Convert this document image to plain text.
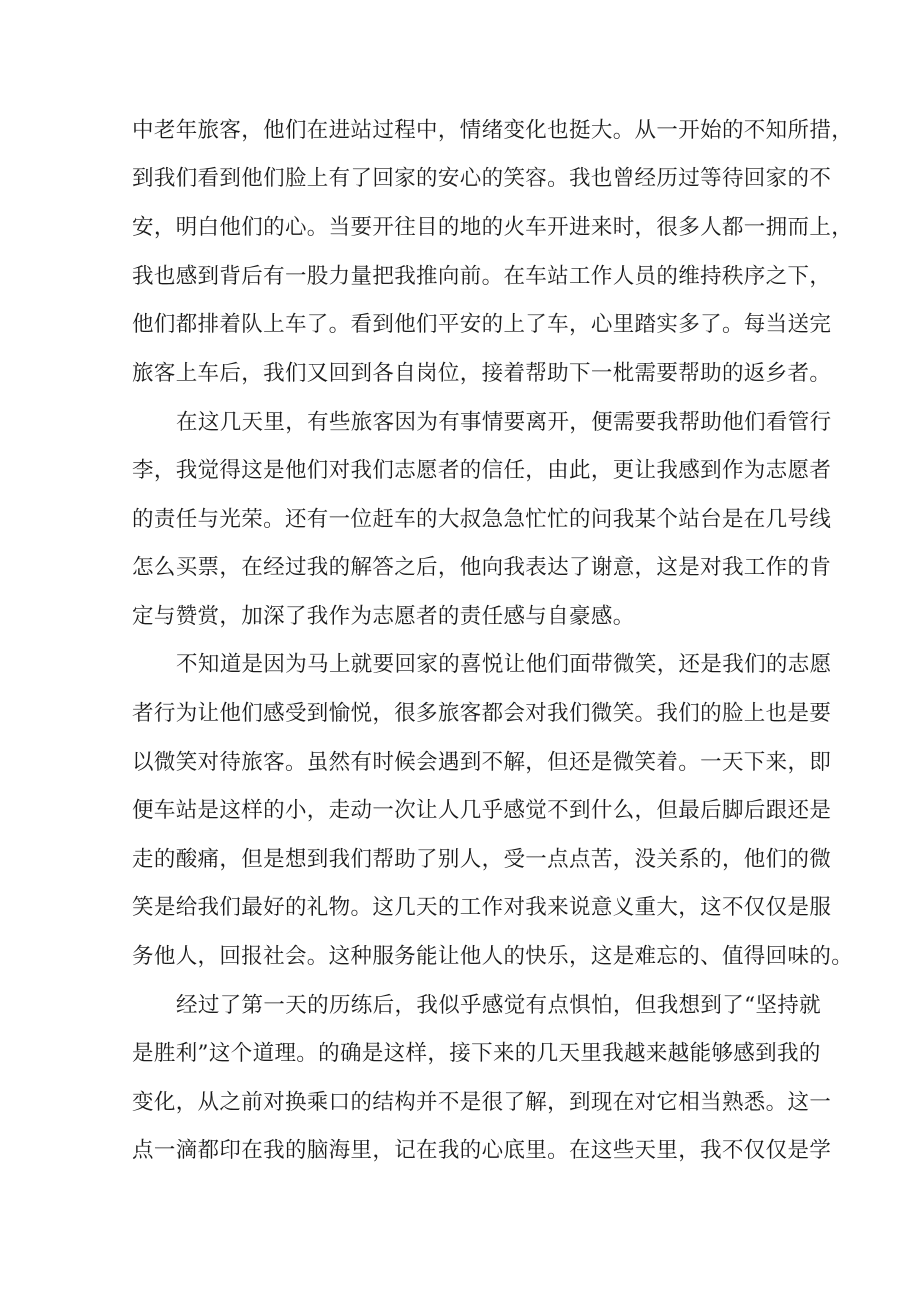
中老年旅客，他们在进站过程中，情绪变化也挺大。从一开始的不知所措，
到我们看到他们脸上有了回家的安心的笑容。我也曾经历过等待回家的不
安，明白他们的心。当要开往目的地的火车开进来时，很多人都一拥而上，
我也感到背后有一股力量把我推向前。在车站工作人员的维持秩序之下，
他们都排着队上车了。看到他们平安的上了车，心里踏实多了。每当送完
旅客上车后，我们又回到各自岗位，接着帮助下一枇需要帮助的返乡者。
在这几天里，有些旅客因为有事情要离开，便需要我帮助他们看管行
李，我觉得这是他们对我们志愿者的信任，由此，更让我感到作为志愿者
的责任与光荣。还有一位赶车的大叔急急忙忙的问我某个站台是在几号线
怎么买票，在经过我的解答之后，他向我表达了谢意，这是对我工作的肯
定与赞赏，加深了我作为志愿者的责任感与自豪感。
不知道是因为马上就要回家的喜悦让他们面带微笑，还是我们的志愿
者行为让他们感受到愉悦，很多旅客都会对我们微笑。我们的脸上也是要
以微笑对待旅客。虽然有时候会遇到不解，但还是微笑着。一天下来，即
便车站是这样的小，走动一次让人几乎感觉不到什么，但最后脚后跟还是
走的酸痛，但是想到我们帮助了别人，受一点点苦，没关系的，他们的微
笑是给我们最好的礼物。这几天的工作对我来说意义重大，这不仅仅是服
务他人，回报社会。这种服务能让他人的快乐，这是难忘的、值得回味的。
经过了第一天的历练后，我似乎感觉有点惧怕，但我想到了“坚持就
是胜利”这个道理。的确是这样，接下来的几天里我越来越能够感到我的
变化，从之前对换乘口的结构并不是很了解，到现在对它相当熟悉。这一
点一滴都印在我的脑海里，记在我的心底里。在这些天里，我不仅仅是学
